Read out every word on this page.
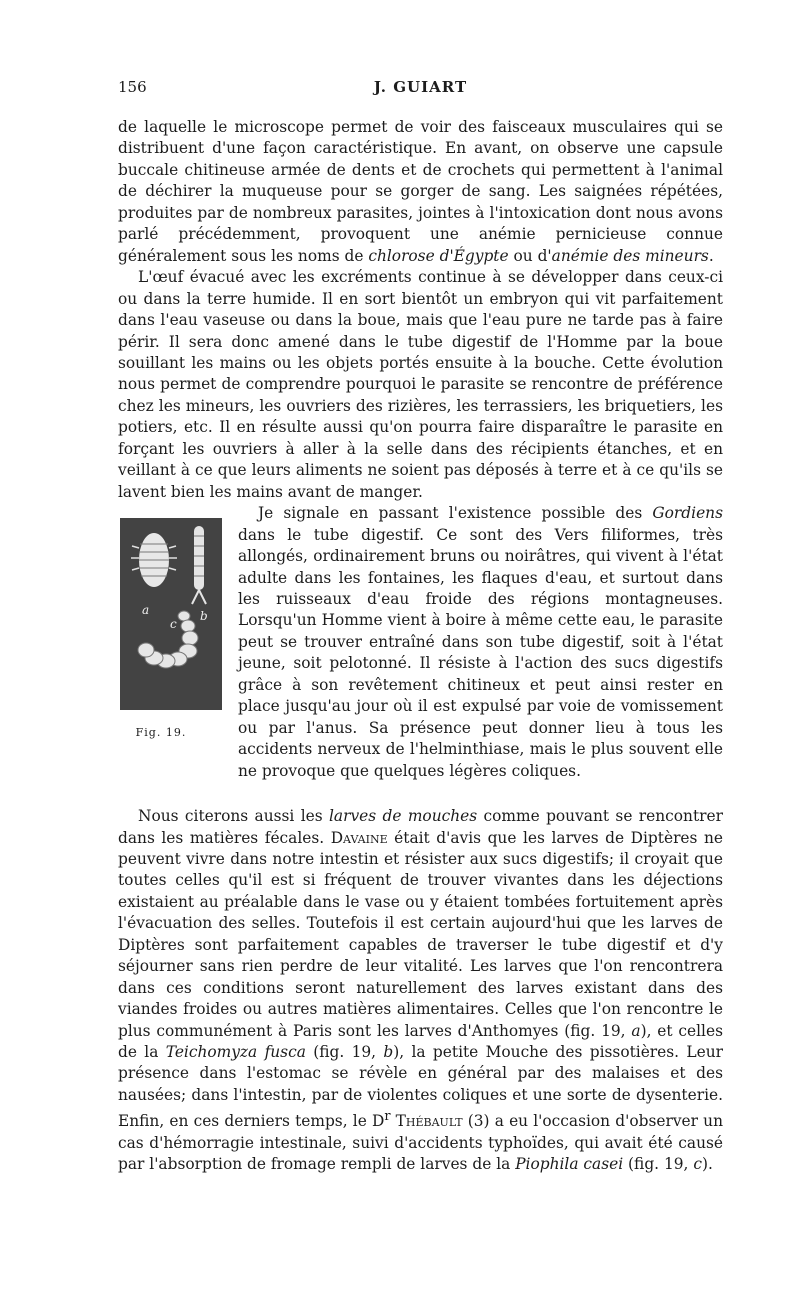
156	J. GUIART

de laquelle le microscope permet de voir des faisceaux musculaires qui se distribuent d'une façon caractéristique. En avant, on observe une capsule buccale chitineuse armée de dents et de crochets qui permettent à l'animal de déchirer la muqueuse pour se gorger de sang. Les saignées répétées, produites par de nombreux parasites, jointes à l'intoxication dont nous avons parlé précédemment, provoquent une anémie pernicieuse connue généralement sous les noms de chlorose d'Égypte ou d'anémie des mineurs.

L'œuf évacué avec les excréments continue à se développer dans ceux-ci ou dans la terre humide. Il en sort bientôt un embryon qui vit parfaitement dans l'eau vaseuse ou dans la boue, mais que l'eau pure ne tarde pas à faire périr. Il sera donc amené dans le tube digestif de l'Homme par la boue souillant les mains ou les objets portés ensuite à la bouche. Cette évolution nous permet de comprendre pourquoi le parasite se rencontre de préférence chez les mineurs, les ouvriers des rizières, les terrassiers, les briquetiers, les potiers, etc. Il en résulte aussi qu'on pourra faire disparaître le parasite en forçant les ouvriers à aller à la selle dans des récipients étanches, et en veillant à ce que leurs aliments ne soient pas déposés à terre et à ce qu'ils se lavent bien les mains avant de manger.

a	b
c
Fig. 19.

Je signale en passant l'existence possible des Gordiens dans le tube digestif. Ce sont des Vers filiformes, très allongés, ordinairement bruns ou noirâtres, qui vivent à l'état adulte dans les fontaines, les flaques d'eau, et surtout dans les ruisseaux d'eau froide des régions montagneuses. Lorsqu'un Homme vient à boire à même cette eau, le parasite peut se trouver entraîné dans son tube digestif, soit à l'état jeune, soit pelotonné. Il résiste à l'action des sucs digestifs grâce à son revêtement chitineux et peut ainsi rester en place jusqu'au jour où il est expulsé par voie de vomissement ou par l'anus. Sa présence peut donner lieu à tous les accidents nerveux de l'helminthiase, mais le plus souvent elle ne provoque que quelques légères coliques.

Nous citerons aussi les larves de mouches comme pouvant se rencontrer dans les matières fécales. Davaine était d'avis que les larves de Diptères ne peuvent vivre dans notre intestin et résister aux sucs digestifs; il croyait que toutes celles qu'il est si fréquent de trouver vivantes dans les déjections existaient au préalable dans le vase ou y étaient tombées fortuitement après l'évacuation des selles. Toutefois il est certain aujourd'hui que les larves de Diptères sont parfaitement capables de traverser le tube digestif et d'y séjourner sans rien perdre de leur vitalité. Les larves que l'on rencontrera dans ces conditions seront naturellement des larves existant dans des viandes froides ou autres matières alimentaires. Celles que l'on rencontre le plus communément à Paris sont les larves d'Anthomyes (fig. 19, a), et celles de la Teichomyza fusca (fig. 19, b), la petite Mouche des pissotières. Leur présence dans l'estomac se révèle en général par des malaises et des nausées; dans l'intestin, par de violentes coliques et une sorte de dysenterie. Enfin, en ces derniers temps, le $D^r$ Thébault (3) a eu l'occasion d'observer un cas d'hémorragie intestinale, suivi d'accidents typhoïdes, qui avait été causé par l'absorption de fromage rempli de larves de la Piophila casei (fig. 19, c).
